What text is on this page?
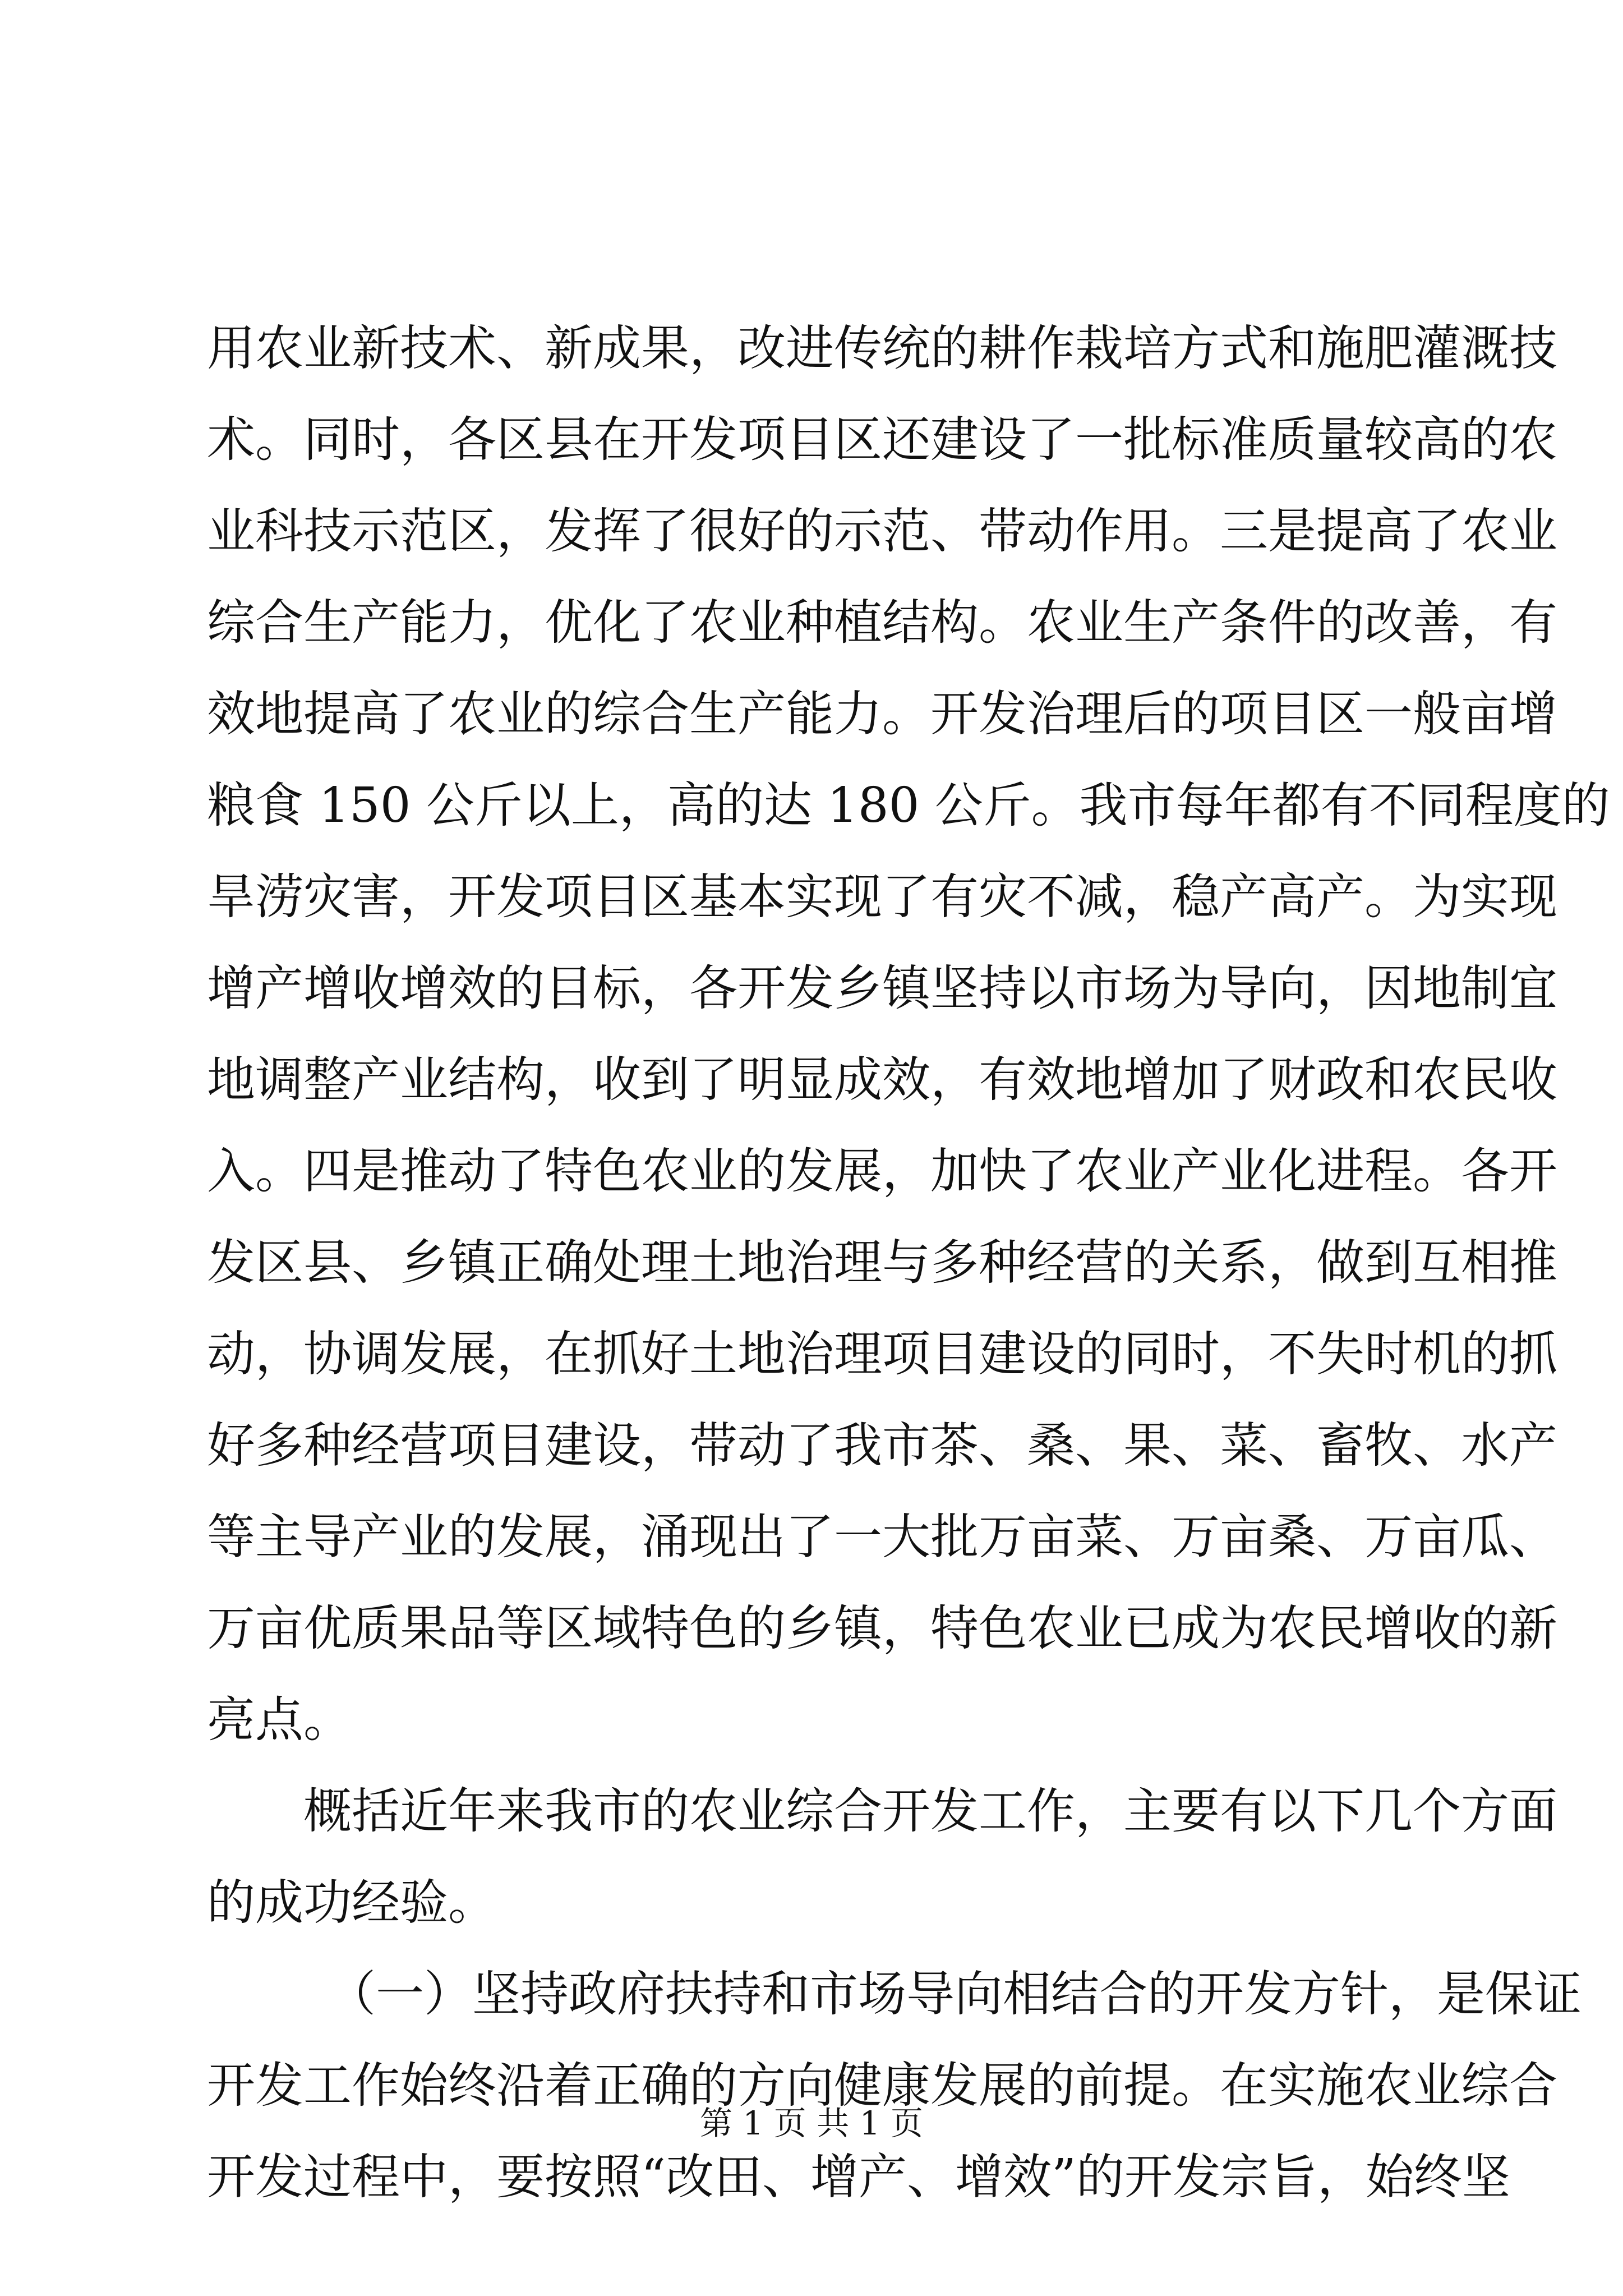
用农业新技术、新成果，改进传统的耕作栽培方式和施肥灌溉技
术。同时，各区县在开发项目区还建设了一批标准质量较高的农
业科技示范区，发挥了很好的示范、带动作用。三是提高了农业
综合生产能力，优化了农业种植结构。农业生产条件的改善，有
效地提高了农业的综合生产能力。开发治理后的项目区一般亩增
粮食 150 公斤以上，高的达 180 公斤。我市每年都有不同程度的
旱涝灾害，开发项目区基本实现了有灾不减，稳产高产。为实现
增产增收增效的目标，各开发乡镇坚持以市场为导向，因地制宜
地调整产业结构，收到了明显成效，有效地增加了财政和农民收
入。四是推动了特色农业的发展，加快了农业产业化进程。各开
发区县、乡镇正确处理土地治理与多种经营的关系，做到互相推
动，协调发展，在抓好土地治理项目建设的同时，不失时机的抓
好多种经营项目建设，带动了我市茶、桑、果、菜、畜牧、水产
等主导产业的发展，涌现出了一大批万亩菜、万亩桑、万亩瓜、
万亩优质果品等区域特色的乡镇，特色农业已成为农民增收的新
亮点。
概括近年来我市的农业综合开发工作，主要有以下几个方面
的成功经验。
（一）坚持政府扶持和市场导向相结合的开发方针，是保证
开发工作始终沿着正确的方向健康发展的前提。在实施农业综合
开发过程中，要按照“改田、增产、增效”的开发宗旨，始终坚
第 1 页 共 1 页
